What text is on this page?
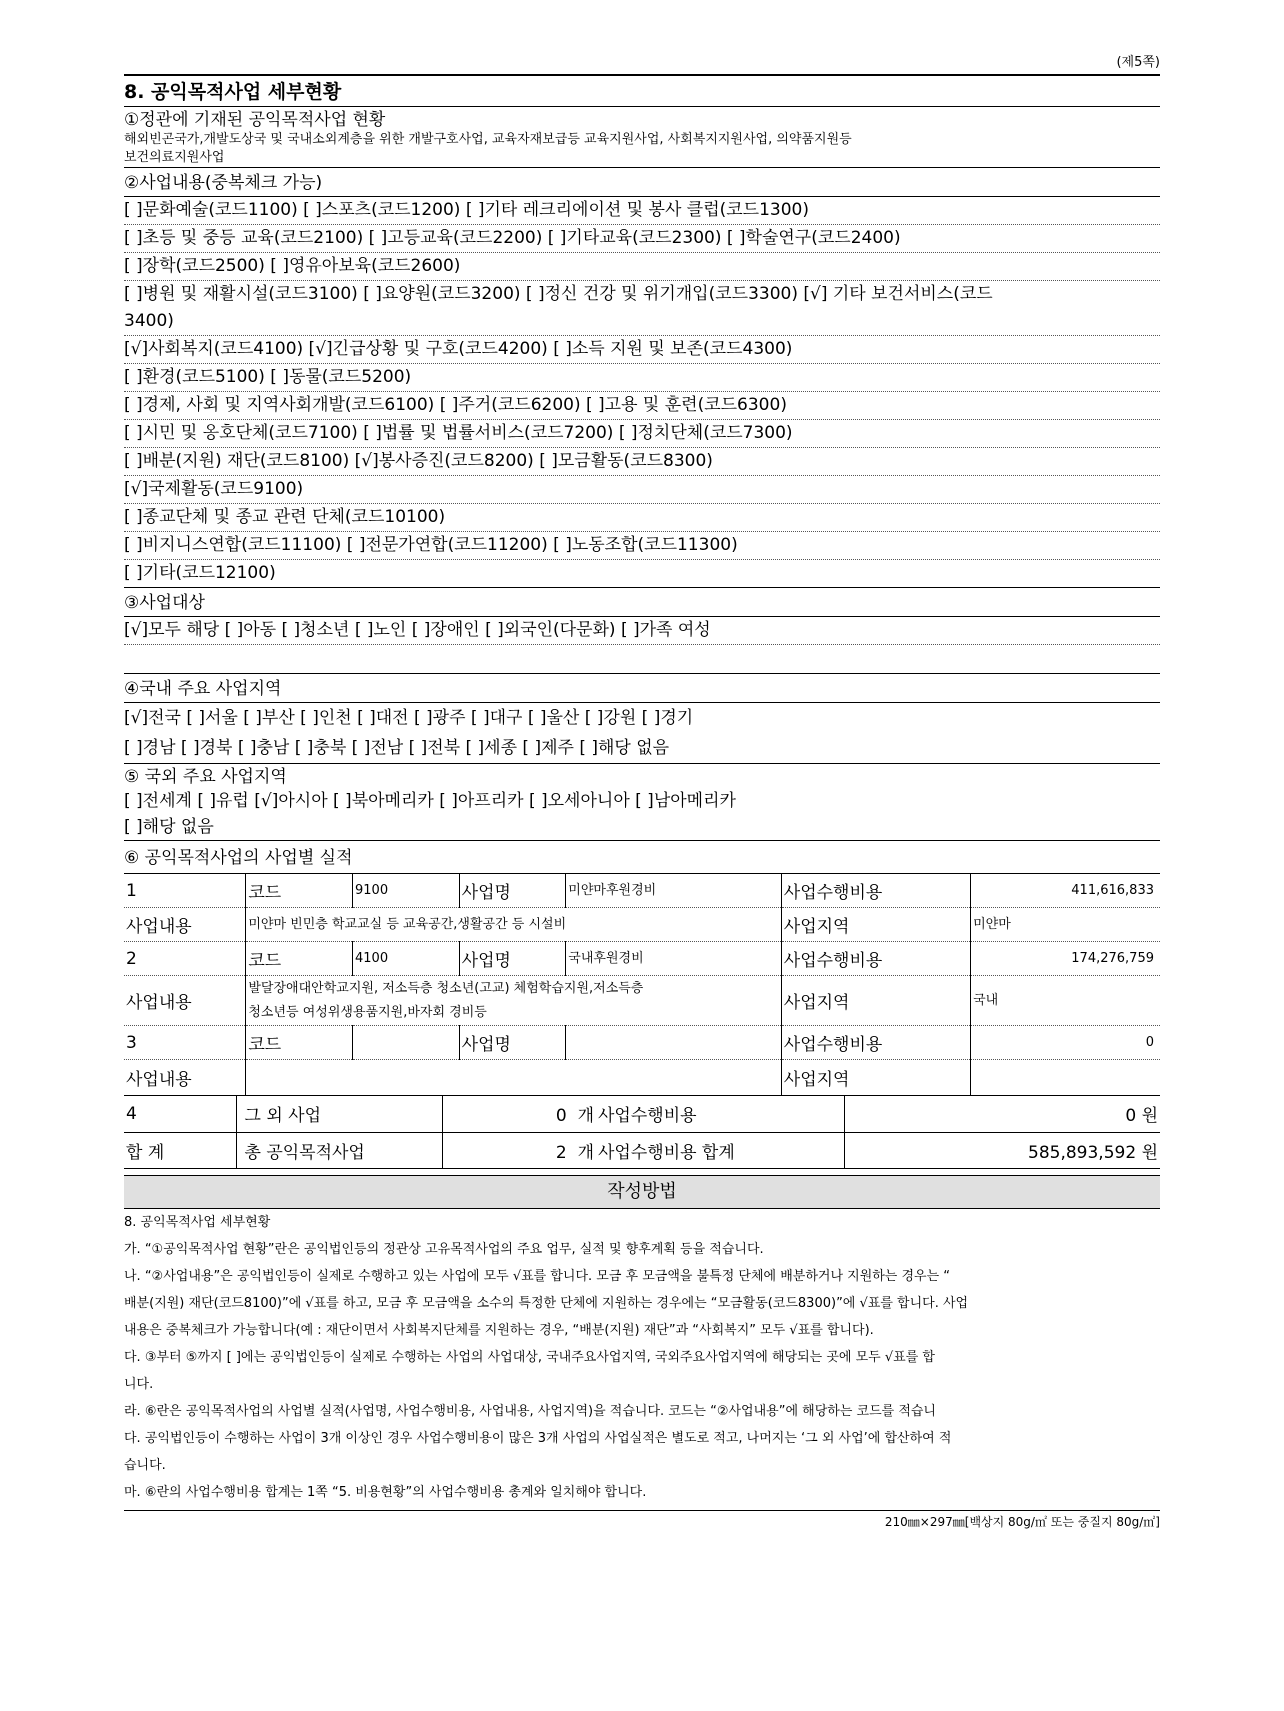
(제5쪽)
8. 공익목적사업 세부현황
①정관에 기재된 공익목적사업 현황
해외빈곤국가,개발도상국 및 국내소외계층을 위한 개발구호사업, 교육자재보급등 교육지원사업, 사회복지지원사업, 의약품지원등
보건의료지원사업
②사업내용(중복체크 가능)
[ ]문화예술(코드1100) [ ]스포츠(코드1200) [ ]기타 레크리에이션 및 봉사 클럽(코드1300)
[ ]초등 및 중등 교육(코드2100) [ ]고등교육(코드2200) [ ]기타교육(코드2300) [ ]학술연구(코드2400)
[ ]장학(코드2500) [ ]영유아보육(코드2600)
[ ]병원 및 재활시설(코드3100) [ ]요양원(코드3200) [ ]정신 건강 및 위기개입(코드3300) [√] 기타 보건서비스(코드
3400)
[√]사회복지(코드4100) [√]긴급상황 및 구호(코드4200) [ ]소득 지원 및 보존(코드4300)
[ ]환경(코드5100) [ ]동물(코드5200)
[ ]경제, 사회 및 지역사회개발(코드6100) [ ]주거(코드6200) [ ]고용 및 훈련(코드6300)
[ ]시민 및 옹호단체(코드7100) [ ]법률 및 법률서비스(코드7200) [ ]정치단체(코드7300)
[ ]배분(지원) 재단(코드8100) [√]봉사증진(코드8200) [ ]모금활동(코드8300)
[√]국제활동(코드9100)
[ ]종교단체 및 종교 관련 단체(코드10100)
[ ]비지니스연합(코드11100) [ ]전문가연합(코드11200) [ ]노동조합(코드11300)
[ ]기타(코드12100)
③사업대상
[√]모두 해당 [ ]아동 [ ]청소년 [ ]노인 [ ]장애인 [ ]외국인(다문화) [ ]가족 여성
④국내 주요 사업지역
[√]전국 [ ]서울 [ ]부산 [ ]인천 [ ]대전 [ ]광주 [ ]대구 [ ]울산 [ ]강원 [ ]경기
[ ]경남 [ ]경북 [ ]충남 [ ]충북 [ ]전남 [ ]전북 [ ]세종 [ ]제주 [ ]해당 없음
⑤ 국외 주요 사업지역
[ ]전세계 [ ]유럽 [√]아시아 [ ]북아메리카 [ ]아프리카 [ ]오세아니아 [ ]남아메리카
[ ]해당 없음
⑥ 공익목적사업의 사업별 실적
1	코드	9100	사업명	미얀마후원경비	사업수행비용	411,616,833
사업내용	미얀마 빈민층 학교교실 등 교육공간,생활공간 등 시설비				사업지역	미얀마
2	코드	4100	사업명	국내후원경비	사업수행비용	174,276,759
사업내용	발달장애대안학교지원, 저소득층 청소년(고교) 체험학습지원,저소득층
청소년등 여성위생용품지원,바자회 경비등				사업지역	국내
3	코드		사업명		사업수행비용	0
사업내용					사업지역	
4	그 외 사업	0 개	사업수행비용	0 원
합 계	총 공익목적사업	2 개	사업수행비용 합계	585,893,592 원
작성방법

8. 공익목적사업 세부현황

가. “①공익목적사업 현황”란은 공익법인등의 정관상 고유목적사업의 주요 업무, 실적 및 향후계획 등을 적습니다.

나. “②사업내용”은 공익법인등이 실제로 수행하고 있는 사업에 모두 √표를 합니다. 모금 후 모금액을 불특정 단체에 배분하거나 지원하는 경우는 “

배분(지원) 재단(코드8100)”에 √표를 하고, 모금 후 모금액을 소수의 특정한 단체에 지원하는 경우에는 “모금활동(코드8300)”에 √표를 합니다. 사업

내용은 중복체크가 가능합니다(예 : 재단이면서 사회복지단체를 지원하는 경우, “배분(지원) 재단”과 “사회복지” 모두 √표를 합니다).

다. ③부터 ⑤까지 [ ]에는 공익법인등이 실제로 수행하는 사업의 사업대상, 국내주요사업지역, 국외주요사업지역에 해당되는 곳에 모두 √표를 합

니다.

라. ⑥란은 공익목적사업의 사업별 실적(사업명, 사업수행비용, 사업내용, 사업지역)을 적습니다. 코드는 “②사업내용”에 해당하는 코드를 적습니

다. 공익법인등이 수행하는 사업이 3개 이상인 경우 사업수행비용이 많은 3개 사업의 사업실적은 별도로 적고, 나머지는 ‘그 외 사업’에 합산하여 적

습니다.

마. ⑥란의 사업수행비용 합계는 1쪽 “5. 비용현황”의 사업수행비용 총계와 일치해야 합니다.

210㎜×297㎜[백상지 80g/㎡ 또는 중질지 80g/㎡]
